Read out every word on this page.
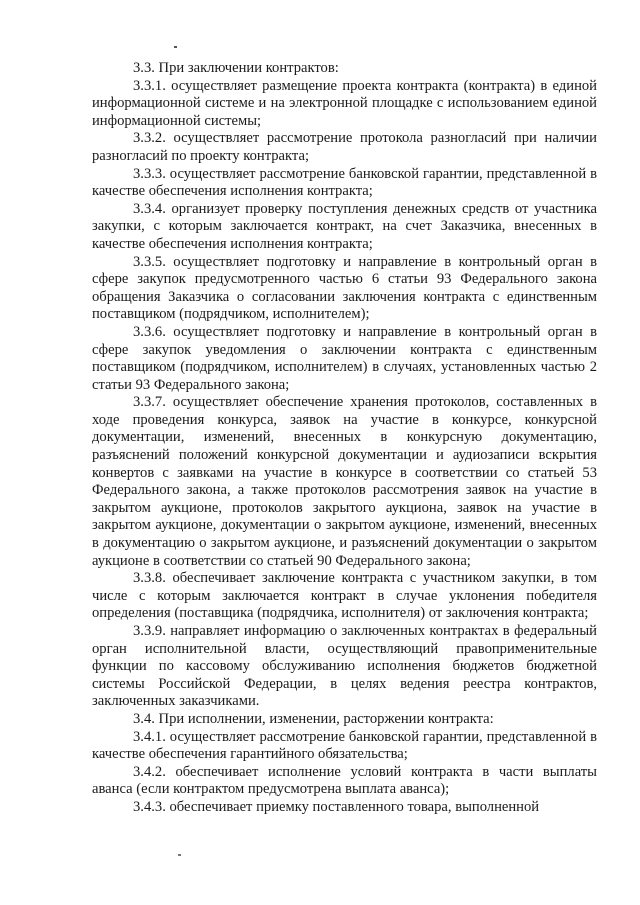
3.3. При заключении контрактов:

3.3.1. осуществляет размещение проекта контракта (контракта) в единой информационной системе и на электронной площадке с использованием единой информационной системы;

3.3.2. осуществляет рассмотрение протокола разногласий при наличии разногласий по проекту контракта;

3.3.3. осуществляет рассмотрение банковской гарантии, представленной в качестве обеспечения исполнения контракта;

3.3.4. организует проверку поступления денежных средств от участника закупки, с которым заключается контракт, на счет Заказчика, внесенных в качестве обеспечения исполнения контракта;

3.3.5. осуществляет подготовку и направление в контрольный орган в сфере закупок предусмотренного частью 6 статьи 93 Федерального закона обращения Заказчика о согласовании заключения контракта с единственным поставщиком (подрядчиком, исполнителем);

3.3.6. осуществляет подготовку и направление в контрольный орган в сфере закупок уведомления о заключении контракта с единственным поставщиком (подрядчиком, исполнителем) в случаях, установленных частью 2 статьи 93 Федерального закона;

3.3.7. осуществляет обеспечение хранения протоколов, составленных в ходе проведения конкурса, заявок на участие в конкурсе, конкурсной документации, изменений, внесенных в конкурсную документацию, разъяснений положений конкурсной документации и аудиозаписи вскрытия конвертов с заявками на участие в конкурсе в соответствии со статьей 53 Федерального закона, а также протоколов рассмотрения заявок на участие в закрытом аукционе, протоколов закрытого аукциона, заявок на участие в закрытом аукционе, документации о закрытом аукционе, изменений, внесенных в документацию о закрытом аукционе, и разъяснений документации о закрытом аукционе в соответствии со статьей 90 Федерального закона;

3.3.8. обеспечивает заключение контракта с участником закупки, в том числе с которым заключается контракт в случае уклонения победителя определения (поставщика (подрядчика, исполнителя) от заключения контракта;

3.3.9. направляет информацию о заключенных контрактах в федеральный орган исполнительной власти, осуществляющий правоприменительные функции по кассовому обслуживанию исполнения бюджетов бюджетной системы Российской Федерации, в целях ведения реестра контрактов, заключенных заказчиками.

3.4. При исполнении, изменении, расторжении контракта:

3.4.1. осуществляет рассмотрение банковской гарантии, представленной в качестве обеспечения гарантийного обязательства;

3.4.2. обеспечивает исполнение условий контракта в части выплаты аванса (если контрактом предусмотрена выплата аванса);

3.4.3. обеспечивает приемку поставленного товара, выполненной
